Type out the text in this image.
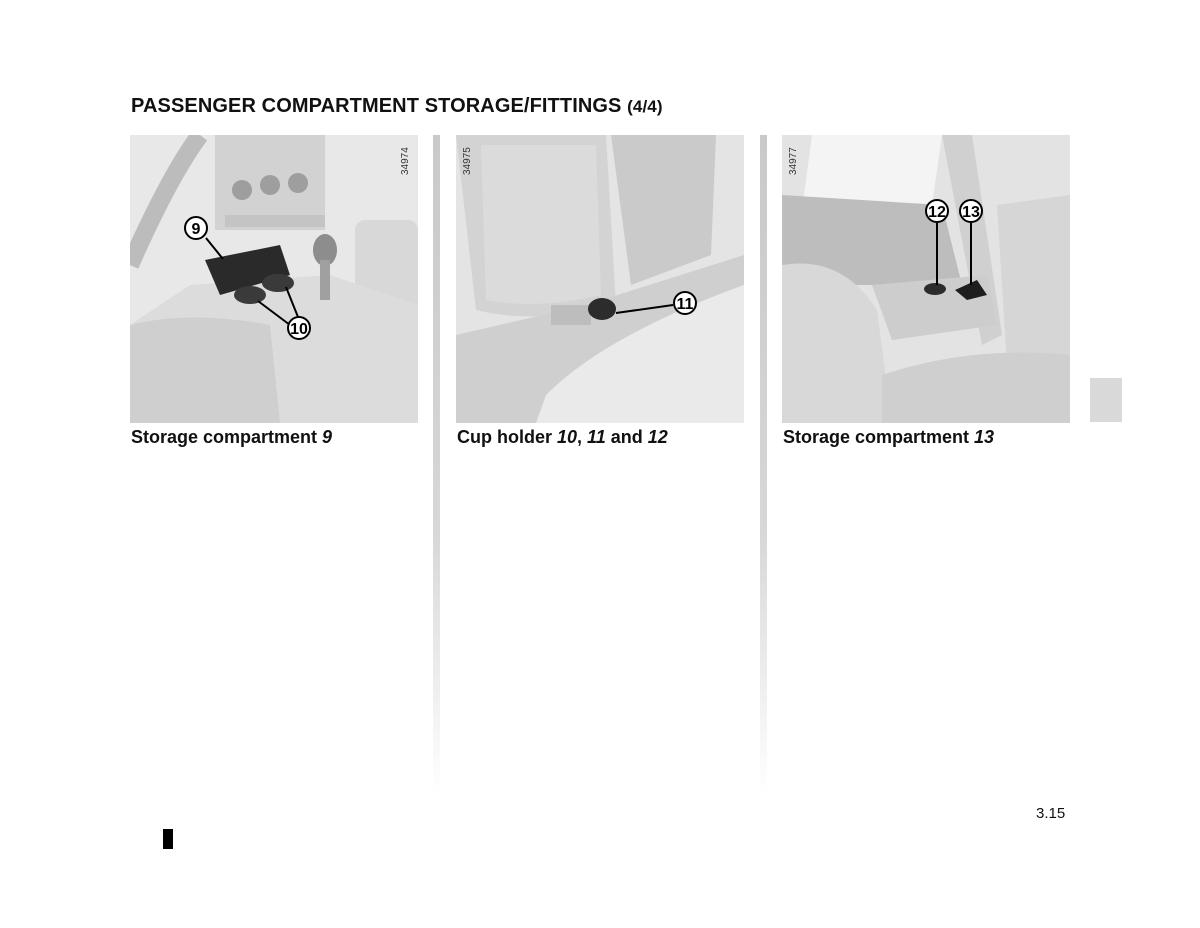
PASSENGER COMPARTMENT STORAGE/FITTINGS (4/4)
9
10
34974
11
34975
12 13
34977
Storage compartment 9	Cup holder 10, 11 and 12	Storage compartment 13
3.15
